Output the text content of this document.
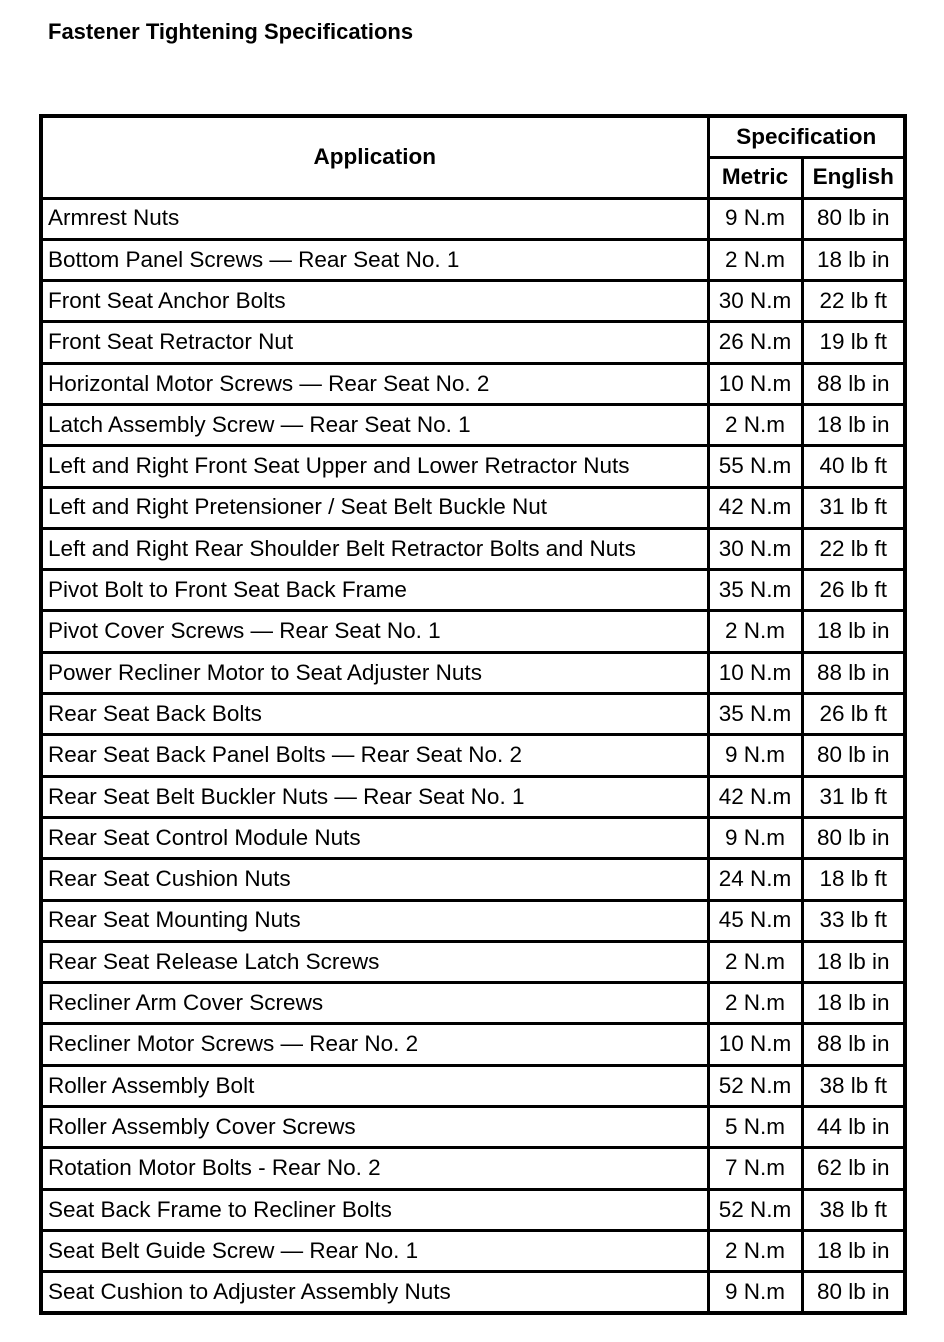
Fastener Tightening Specifications
Application	Specification	
	Metric	English
Armrest Nuts	9 N.m	80 lb in
Bottom Panel Screws — Rear Seat No. 1	2 N.m	18 lb in
Front Seat Anchor Bolts	30 N.m	22 lb ft
Front Seat Retractor Nut	26 N.m	19 lb ft
Horizontal Motor Screws — Rear Seat No. 2	10 N.m	88 lb in
Latch Assembly Screw — Rear Seat No. 1	2 N.m	18 lb in
Left and Right Front Seat Upper and Lower Retractor Nuts	55 N.m	40 lb ft
Left and Right Pretensioner / Seat Belt Buckle Nut	42 N.m	31 lb ft
Left and Right Rear Shoulder Belt Retractor Bolts and Nuts	30 N.m	22 lb ft
Pivot Bolt to Front Seat Back Frame	35 N.m	26 lb ft
Pivot Cover Screws — Rear Seat No. 1	2 N.m	18 lb in
Power Recliner Motor to Seat Adjuster Nuts	10 N.m	88 lb in
Rear Seat Back Bolts	35 N.m	26 lb ft
Rear Seat Back Panel Bolts — Rear Seat No. 2	9 N.m	80 lb in
Rear Seat Belt Buckler Nuts — Rear Seat No. 1	42 N.m	31 lb ft
Rear Seat Control Module Nuts	9 N.m	80 lb in
Rear Seat Cushion Nuts	24 N.m	18 lb ft
Rear Seat Mounting Nuts	45 N.m	33 lb ft
Rear Seat Release Latch Screws	2 N.m	18 lb in
Recliner Arm Cover Screws	2 N.m	18 lb in
Recliner Motor Screws — Rear No. 2	10 N.m	88 lb in
Roller Assembly Bolt	52 N.m	38 lb ft
Roller Assembly Cover Screws	5 N.m	44 lb in
Rotation Motor Bolts - Rear No. 2	7 N.m	62 lb in
Seat Back Frame to Recliner Bolts	52 N.m	38 lb ft
Seat Belt Guide Screw — Rear No. 1	2 N.m	18 lb in
Seat Cushion to Adjuster Assembly Nuts	9 N.m	80 lb in
